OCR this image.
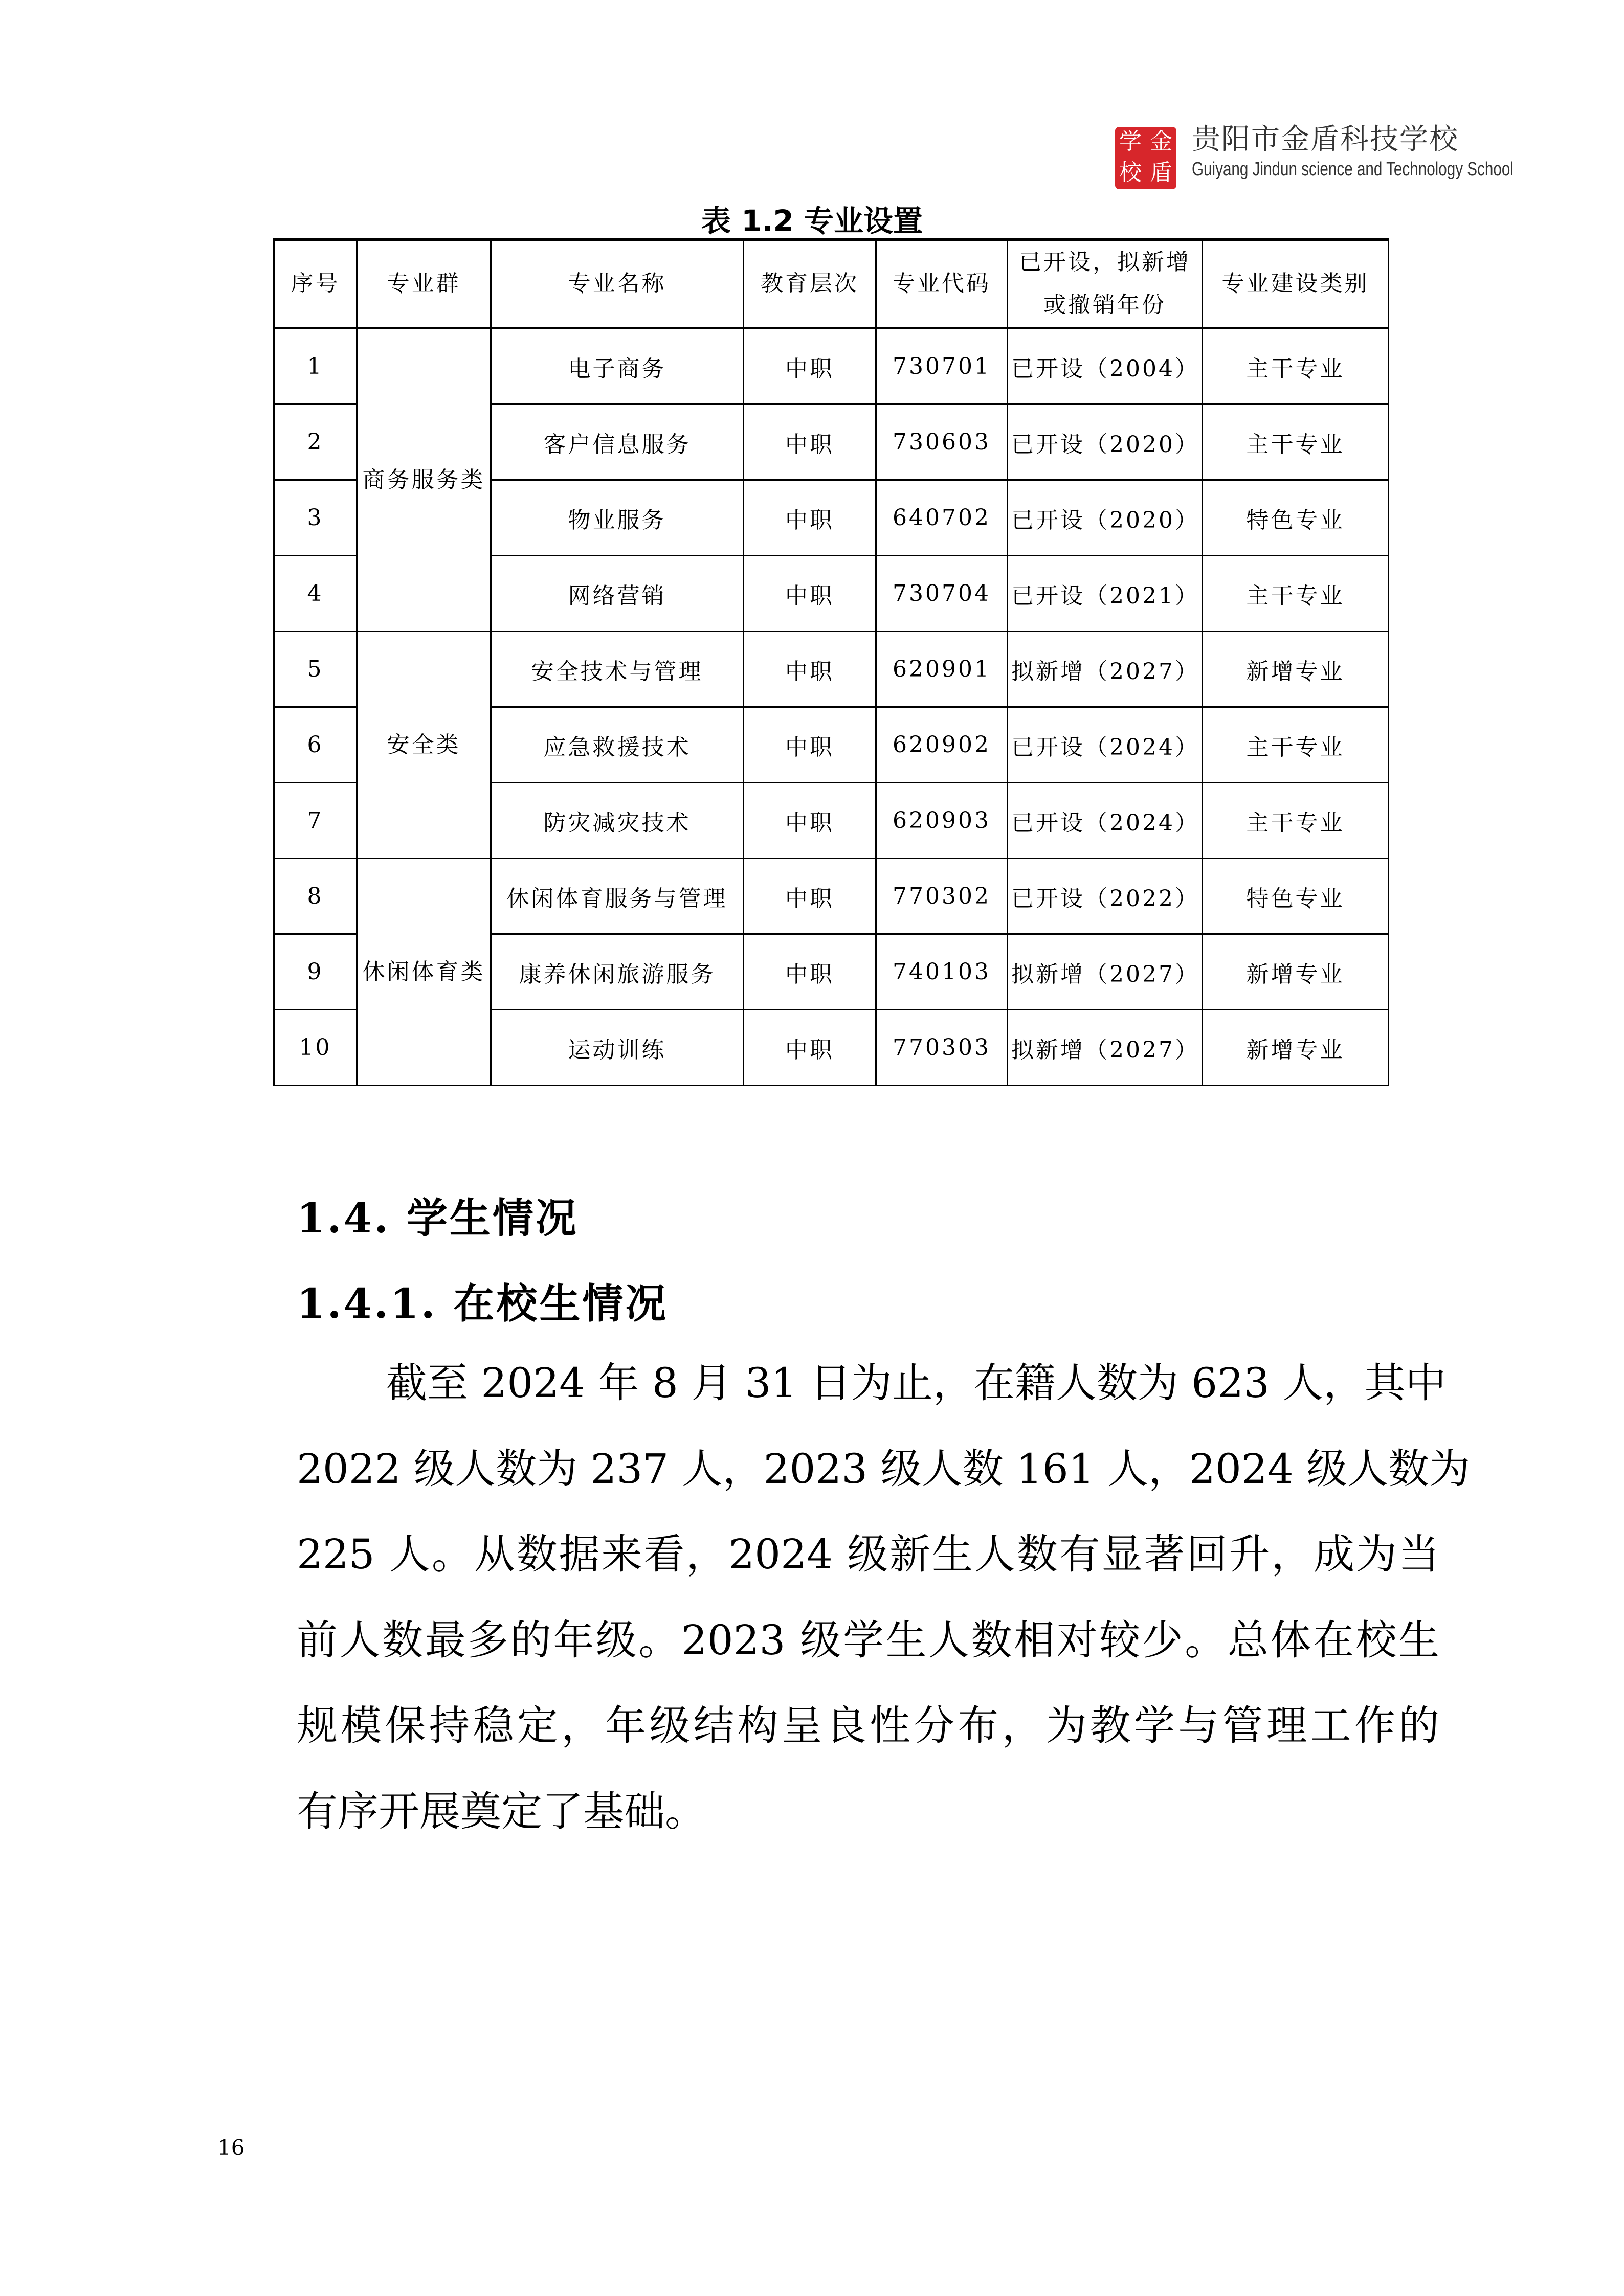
学 金
校 盾
贵阳市金盾科技学校
Guiyang Jindun science and Technology School
表 1.2 专业设置
序号	专业群	专业名称	教育层次	专业代码	已开设，拟新增或撤销年份	专业建设类别
1	商务服务类	电子商务	中职	730701	已开设（2004）	主干专业
2		客户信息服务	中职	730603	已开设（2020）	主干专业
3		物业服务	中职	640702	已开设（2020）	特色专业
4		网络营销	中职	730704	已开设（2021）	主干专业
5	安全类	安全技术与管理	中职	620901	拟新增（2027）	新增专业
6		应急救援技术	中职	620902	已开设（2024）	主干专业
7		防灾减灾技术	中职	620903	已开设（2024）	主干专业
8	休闲体育类	休闲体育服务与管理	中职	770302	已开设（2022）	特色专业
9		康养休闲旅游服务	中职	740103	拟新增（2027）	新增专业
10		运动训练	中职	770303	拟新增（2027）	新增专业
1.4. 学生情况
1.4.1. 在校生情况
截至 2024 年 8 月 31 日为止，在籍人数为 623 人，其中
2022 级人数为 237 人，2023 级人数 161 人，2024 级人数为
225 人。从数据来看，2024 级新生人数有显著回升，成为当
前人数最多的年级。2023 级学生人数相对较少。总体在校生
规模保持稳定，年级结构呈良性分布，为教学与管理工作的
有序开展奠定了基础。
16
